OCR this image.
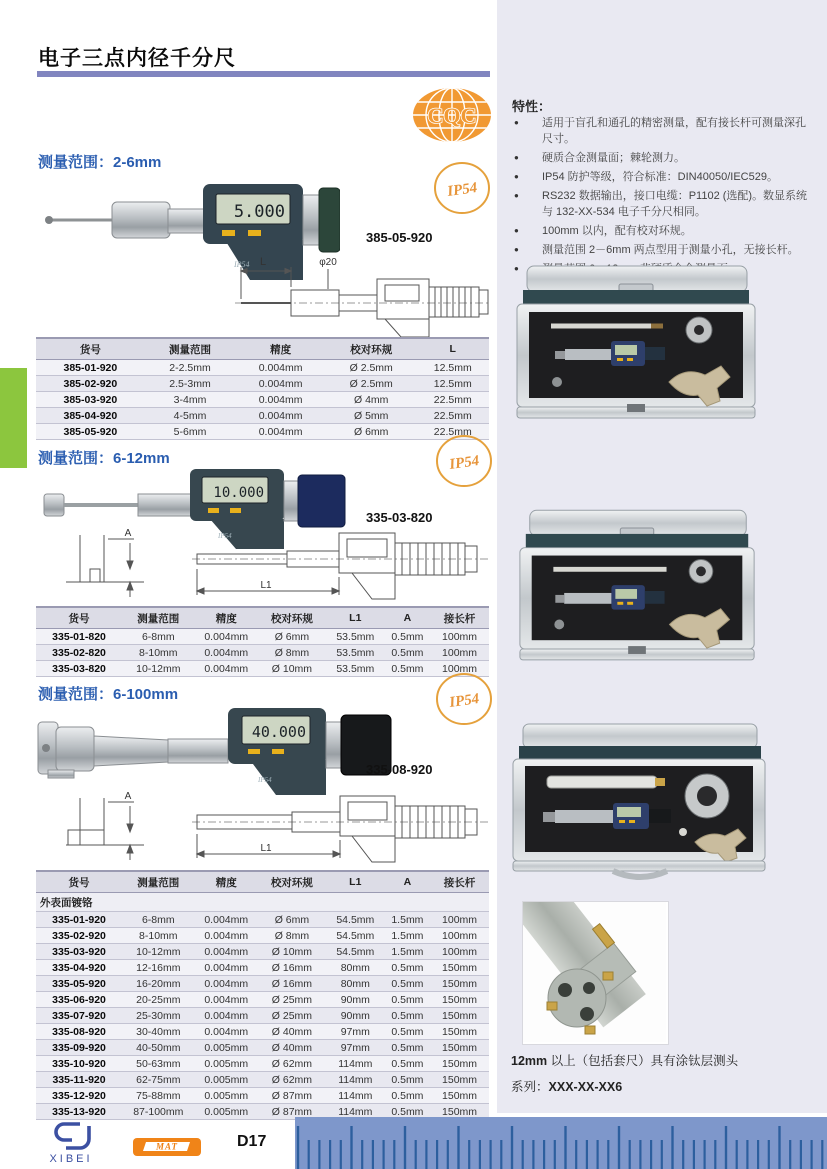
电子三点内径千分尺
CQC	特性：
● 适用于盲孔和通孔的精密测量，配有接长杆可测量深孔尺寸。
● 硬质合金测量面；棘轮测力。
● IP54 防护等级，符合标准：DIN40050/IEC529。
● RS232 数据输出，接口电缆：P1102 (选配)。数显系统与 132-XX-534 电子千分尺相同。
● 100mm 以内，配有校对环规。
● 测量范围 2－6mm 两点型用于测量小孔，无接长杆。
●
测量范围：2-6mm
5.000
IP54
IP54
385-05-920
L	φ20
货号	测量范围	精度	校对环规	L
385-01-920	2-2.5mm	0.004mm	Ø 2.5mm	12.5mm
385-02-920	2.5-3mm	0.004mm	Ø 2.5mm	12.5mm
385-03-920	3-4mm	0.004mm	Ø 4mm	22.5mm
385-04-920	4-5mm	0.004mm	Ø 5mm	22.5mm
385-05-920	5-6mm	0.004mm	Ø 6mm	22.5mm
测量范围：6-12mm	IP54
10.000
IP54
335-03-820
A
L1
货号	测量范围	精度	校对环规	L1	A	接长杆
335-01-820	6-8mm	0.004mm	Ø 6mm	53.5mm	0.5mm	100mm
335-02-820	8-10mm	0.004mm	Ø 8mm	53.5mm	0.5mm	100mm
335-03-820	10-12mm	0.004mm	Ø 10mm	53.5mm	0.5mm	100mm
测量范围：6-100mm	IP54
40.000
IP54
335-08-920
A
L1
货号	测量范围	精度	校对环规	L1	A	接长杆
外表面镀铬						
335-01-920	6-8mm	0.004mm	Ø 6mm	54.5mm	1.5mm	100mm
335-02-920	8-10mm	0.004mm	Ø 8mm	54.5mm	1.5mm	100mm
335-03-920	10-12mm	0.004mm	Ø 10mm	54.5mm	1.5mm	100mm
335-04-920	12-16mm	0.004mm	Ø 16mm	80mm	0.5mm	150mm
335-05-920	16-20mm	0.004mm	Ø 16mm	80mm	0.5mm	150mm
335-06-920	20-25mm	0.004mm	Ø 25mm	90mm	0.5mm	150mm
335-07-920	25-30mm	0.004mm	Ø 25mm	90mm	0.5mm	150mm
335-08-920	30-40mm	0.004mm	Ø 40mm	97mm	0.5mm	150mm
335-09-920	40-50mm	0.005mm	Ø 40mm	97mm	0.5mm	150mm
335-10-920	50-63mm	0.005mm	Ø 62mm	114mm	0.5mm	150mm
335-11-920	62-75mm	0.005mm	Ø 62mm	114mm	0.5mm	150mm
335-12-920	75-88mm	0.005mm	Ø 87mm	114mm	0.5mm	150mm
335-13-920	87-100mm	0.005mm	Ø 87mm	114mm	0.5mm	150mm
12mm 以上（包括套尺）具有涂钛层测头
系列：XXX-XX-XX6
XIBEI
MAT	D17
